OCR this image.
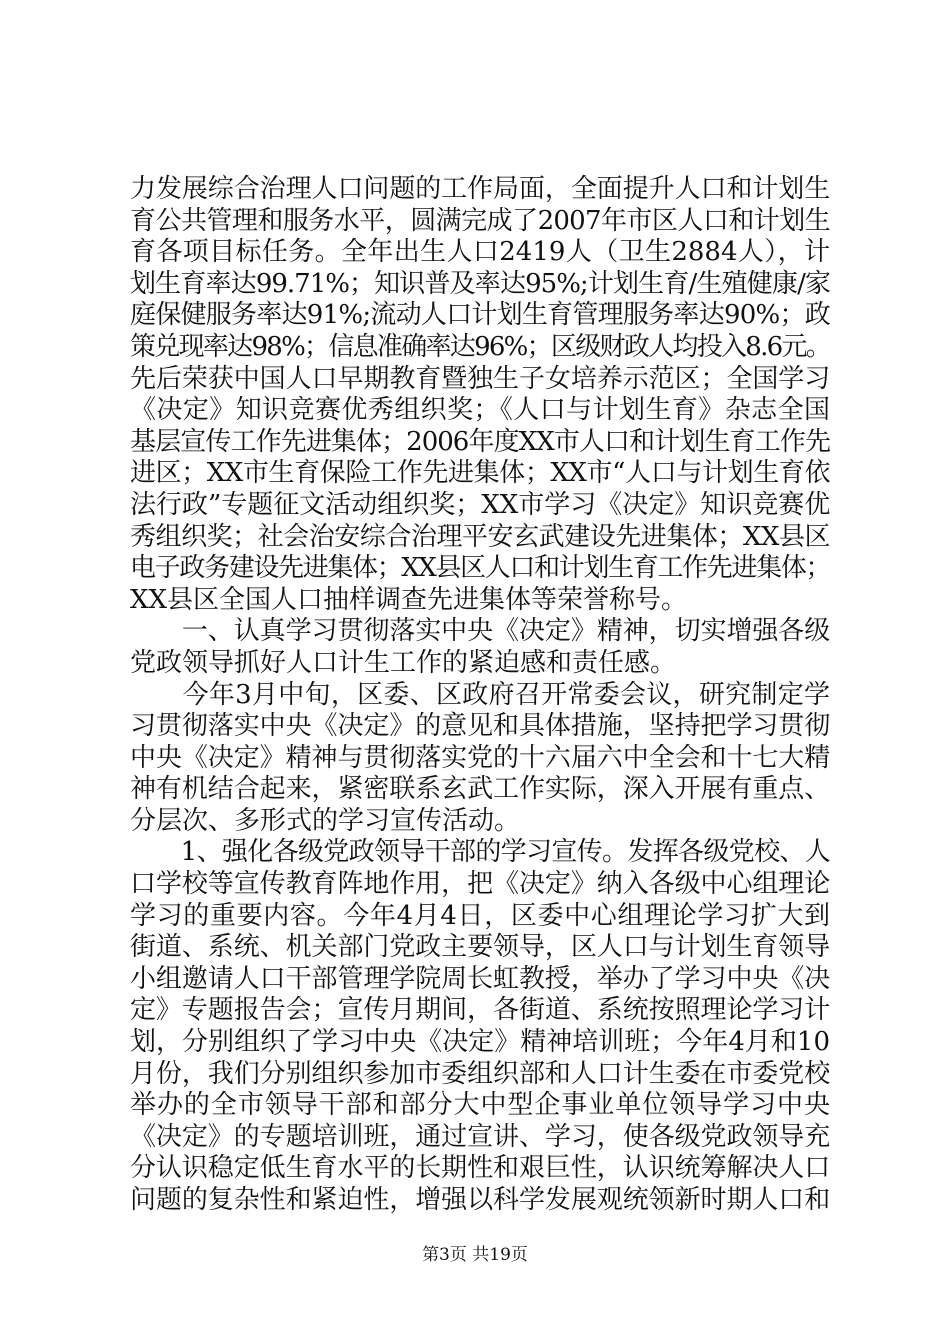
力发展综合治理人口问题的工作局面，全面提升人口和计划生
育公共管理和服务水平，圆满完成了2007年市区人口和计划生
育各项目标任务。全年出生人口2419人（卫生2884人），计
划生育率达99.71%；知识普及率达95%;计划生育/生殖健康/家
庭保健服务率达91%;流动人口计划生育管理服务率达90%；政
策兑现率达98%；信息准确率达96%；区级财政人均投入8.6元。
先后荣获中国人口早期教育暨独生子女培养示范区；全国学习
《决定》知识竞赛优秀组织奖；《人口与计划生育》杂志全国
基层宣传工作先进集体；2006年度XX市人口和计划生育工作先
进区；XX市生育保险工作先进集体；XX市“人口与计划生育依
法行政”专题征文活动组织奖；XX市学习《决定》知识竞赛优
秀组织奖；社会治安综合治理平安玄武建设先进集体；XX县区
电子政务建设先进集体；XX县区人口和计划生育工作先进集体；
XX县区全国人口抽样调查先进集体等荣誉称号。
　　一、认真学习贯彻落实中央《决定》精神，切实增强各级
党政领导抓好人口计生工作的紧迫感和责任感。
　　今年3月中旬，区委、区政府召开常委会议，研究制定学
习贯彻落实中央《决定》的意见和具体措施，坚持把学习贯彻
中央《决定》精神与贯彻落实党的十六届六中全会和十七大精
神有机结合起来，紧密联系玄武工作实际，深入开展有重点、
分层次、多形式的学习宣传活动。
　　1、强化各级党政领导干部的学习宣传。发挥各级党校、人
口学校等宣传教育阵地作用，把《决定》纳入各级中心组理论
学习的重要内容。今年4月4日，区委中心组理论学习扩大到
街道、系统、机关部门党政主要领导，区人口与计划生育领导
小组邀请人口干部管理学院周长虹教授，举办了学习中央《决
定》专题报告会；宣传月期间，各街道、系统按照理论学习计
划，分别组织了学习中央《决定》精神培训班；今年4月和10
月份，我们分别组织参加市委组织部和人口计生委在市委党校
举办的全市领导干部和部分大中型企事业单位领导学习中央
《决定》的专题培训班，通过宣讲、学习，使各级党政领导充
分认识稳定低生育水平的长期性和艰巨性，认识统筹解决人口
问题的复杂性和紧迫性，增强以科学发展观统领新时期人口和
第3页 共19页
